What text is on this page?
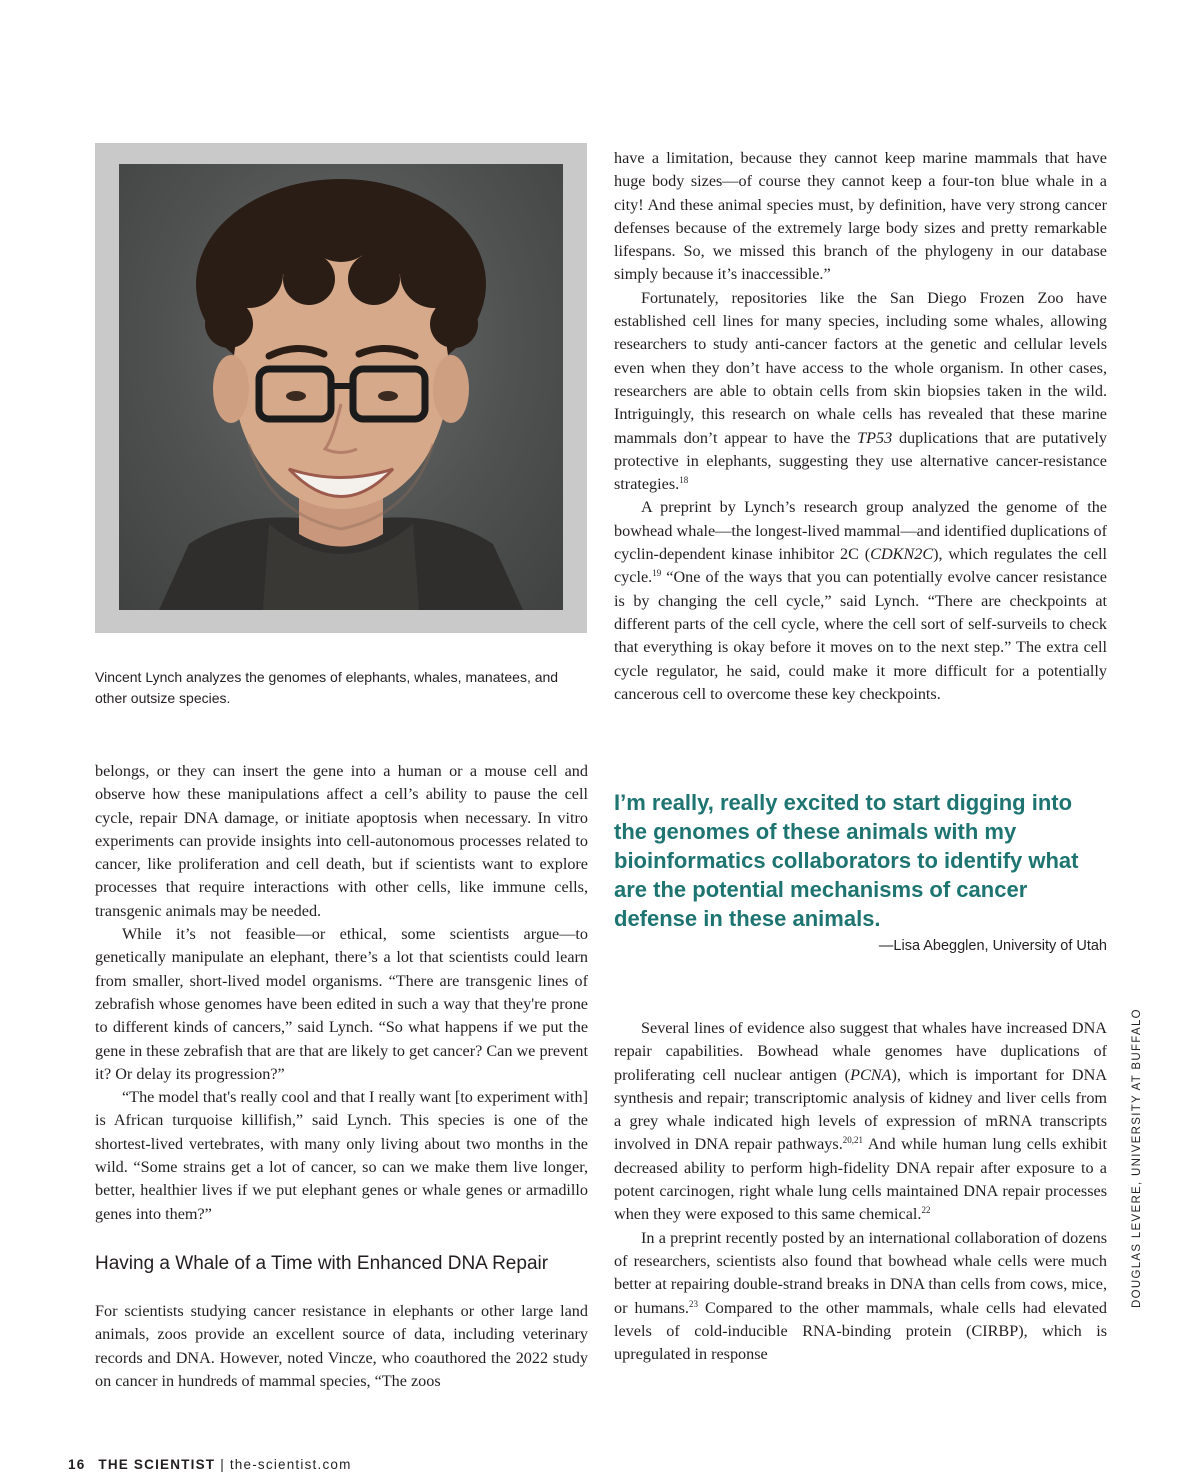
Vincent Lynch analyzes the genomes of elephants, whales, manatees, and other outsize species.

have a limitation, because they cannot keep marine mammals that have huge body sizes—of course they cannot keep a four-ton blue whale in a city! And these animal species must, by definition, have very strong cancer defenses because of the extremely large body sizes and pretty remarkable lifespans. So, we missed this branch of the phylogeny in our database simply because it’s inaccessible.”

Fortunately, repositories like the San Diego Frozen Zoo have established cell lines for many species, including some whales, allowing researchers to study anti-cancer factors at the genetic and cellular levels even when they don’t have access to the whole organism. In other cases, researchers are able to obtain cells from skin biopsies taken in the wild. Intriguingly, this research on whale cells has revealed that these marine mammals don’t appear to have the TP53 duplications that are putatively protective in elephants, suggesting they use alternative cancer-resistance strategies.$^{18}$

A preprint by Lynch’s research group analyzed the genome of the bowhead whale—the longest-lived mammal—and identified duplications of cyclin-dependent kinase inhibitor 2C (CDKN2C), which regulates the cell cycle.$^{19}$ “One of the ways that you can potentially evolve cancer resistance is by changing the cell cycle,” said Lynch. “There are checkpoints at different parts of the cell cycle, where the cell sort of self-surveils to check that everything is okay before it moves on to the next step.” The extra cell cycle regulator, he said, could make it more difficult for a potentially cancerous cell to overcome these key checkpoints.

I’m really, really excited to start digging into the genomes of these animals with my bioinformatics collaborators to identify what are the potential mechanisms of cancer defense in these animals.
—Lisa Abegglen, University of Utah

belongs, or they can insert the gene into a human or a mouse cell and observe how these manipulations affect a cell’s ability to pause the cell cycle, repair DNA damage, or initiate apoptosis when necessary. In vitro experiments can provide insights into cell-autonomous processes related to cancer, like proliferation and cell death, but if scientists want to explore processes that require interactions with other cells, like immune cells, transgenic animals may be needed.

While it’s not feasible—or ethical, some scientists argue—to genetically manipulate an elephant, there’s a lot that scientists could learn from smaller, short-lived model organisms. “There are transgenic lines of zebrafish whose genomes have been edited in such a way that they're prone to different kinds of cancers,” said Lynch. “So what happens if we put the gene in these zebrafish that are that are likely to get cancer? Can we prevent it? Or delay its progression?”

“The model that's really cool and that I really want [to experiment with] is African turquoise killifish,” said Lynch. This species is one of the shortest-lived vertebrates, with many only living about two months in the wild. “Some strains get a lot of cancer, so can we make them live longer, better, healthier lives if we put elephant genes or whale genes or armadillo genes into them?”

Having a Whale of a Time with Enhanced DNA Repair

For scientists studying cancer resistance in elephants or other large land animals, zoos provide an excellent source of data, including veterinary records and DNA. However, noted Vincze, who coauthored the 2022 study on cancer in hundreds of mammal species, “The zoos

Several lines of evidence also suggest that whales have increased DNA repair capabilities. Bowhead whale genomes have duplications of proliferating cell nuclear antigen (PCNA), which is important for DNA synthesis and repair; transcriptomic analysis of kidney and liver cells from a grey whale indicated high levels of expression of mRNA transcripts involved in DNA repair pathways.$^{20,21}$ And while human lung cells exhibit decreased ability to perform high-fidelity DNA repair after exposure to a potent carcinogen, right whale lung cells maintained DNA repair processes when they were exposed to this same chemical.$^{22}$

In a preprint recently posted by an international collaboration of dozens of researchers, scientists also found that bowhead whale cells were much better at repairing double-strand breaks in DNA than cells from cows, mice, or humans.$^{23}$ Compared to the other mammals, whale cells had elevated levels of cold-inducible RNA-binding protein (CIRBP), which is upregulated in response

DOUGLAS LEVERE, UNIVERSITY AT BUFFALO
16 THE SCIENTIST | the-scientist.com
